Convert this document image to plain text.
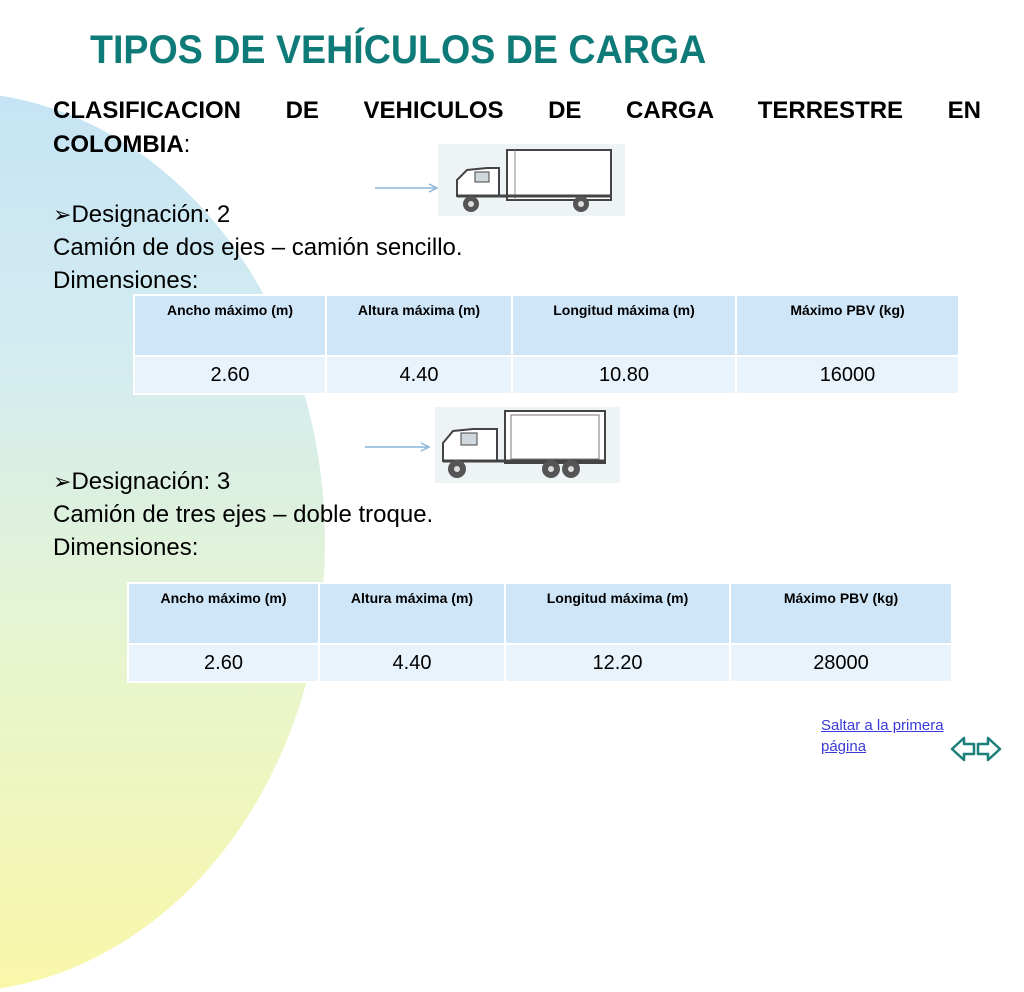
TIPOS DE VEHÍCULOS DE CARGA
CLASIFICACION DE VEHICULOS DE CARGA TERRESTRE EN
COLOMBIA:
➢Designación: 2
Camión de dos ejes – camión sencillo.
Dimensiones:
Ancho máximo (m)	Altura máxima (m)	Longitud máxima (m)	Máximo PBV (kg)
2.60	4.40	10.80	16000
➢Designación: 3
Camión de tres ejes – doble troque.
Dimensiones:
Ancho máximo (m)	Altura máxima (m)	Longitud máxima (m)	Máximo PBV (kg)
2.60	4.40	12.20	28000
Saltar a la primera
página
